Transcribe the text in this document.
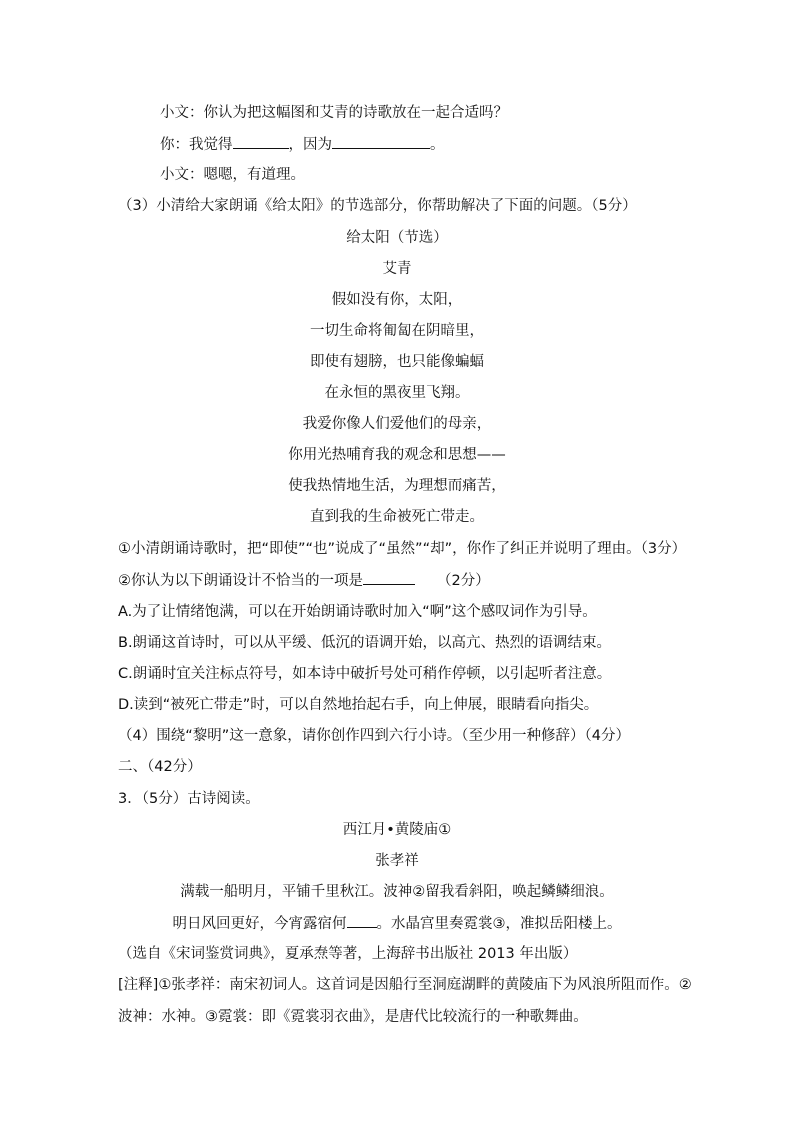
小文：你认为把这幅图和艾青的诗歌放在一起合适吗？
你：我觉得	，因为	。
小文：嗯嗯，有道理。
（3）小清给大家朗诵《给太阳》的节选部分，你帮助解决了下面的问题。（5分）
给太阳（节选）
艾青
假如没有你，太阳，
一切生命将匍匐在阴暗里，
即使有翅膀，也只能像蝙蝠
在永恒的黑夜里飞翔。
我爱你像人们爱他们的母亲，
你用光热哺育我的观念和思想——
使我热情地生活，为理想而痛苦，
直到我的生命被死亡带走。
①小清朗诵诗歌时，把“即使”“也”说成了“虽然”“却”，你作了纠正并说明了理由。（3分）
②你认为以下朗诵设计不恰当的一项是	（2分）
A.为了让情绪饱满，可以在开始朗诵诗歌时加入“啊”这个感叹词作为引导。
B.朗诵这首诗时，可以从平缓、低沉的语调开始，以高亢、热烈的语调结束。
C.朗诵时宜关注标点符号，如本诗中破折号处可稍作停顿，以引起听者注意。
D.读到“被死亡带走”时，可以自然地抬起右手，向上伸展，眼睛看向指尖。
（4）围绕“黎明”这一意象，请你创作四到六行小诗。（至少用一种修辞）（4分）
二、（42分）
3．（5分）古诗阅读。
西江月•黄陵庙①
张孝祥
满载一船明月，平铺千里秋江。波神②留我看斜阳，唤起鳞鳞细浪。
明日风回更好，今宵露宿何 。水晶宫里奏霓裳③，准拟岳阳楼上。
（选自《宋词鉴赏词典》，夏承焘等著，上海辞书出版社 2013 年出版）
[注释]①张孝祥：南宋初词人。这首词是因船行至洞庭湖畔的黄陵庙下为风浪所阻而作。②
波神：水神。③霓裳：即《霓裳羽衣曲》，是唐代比较流行的一种歌舞曲。
